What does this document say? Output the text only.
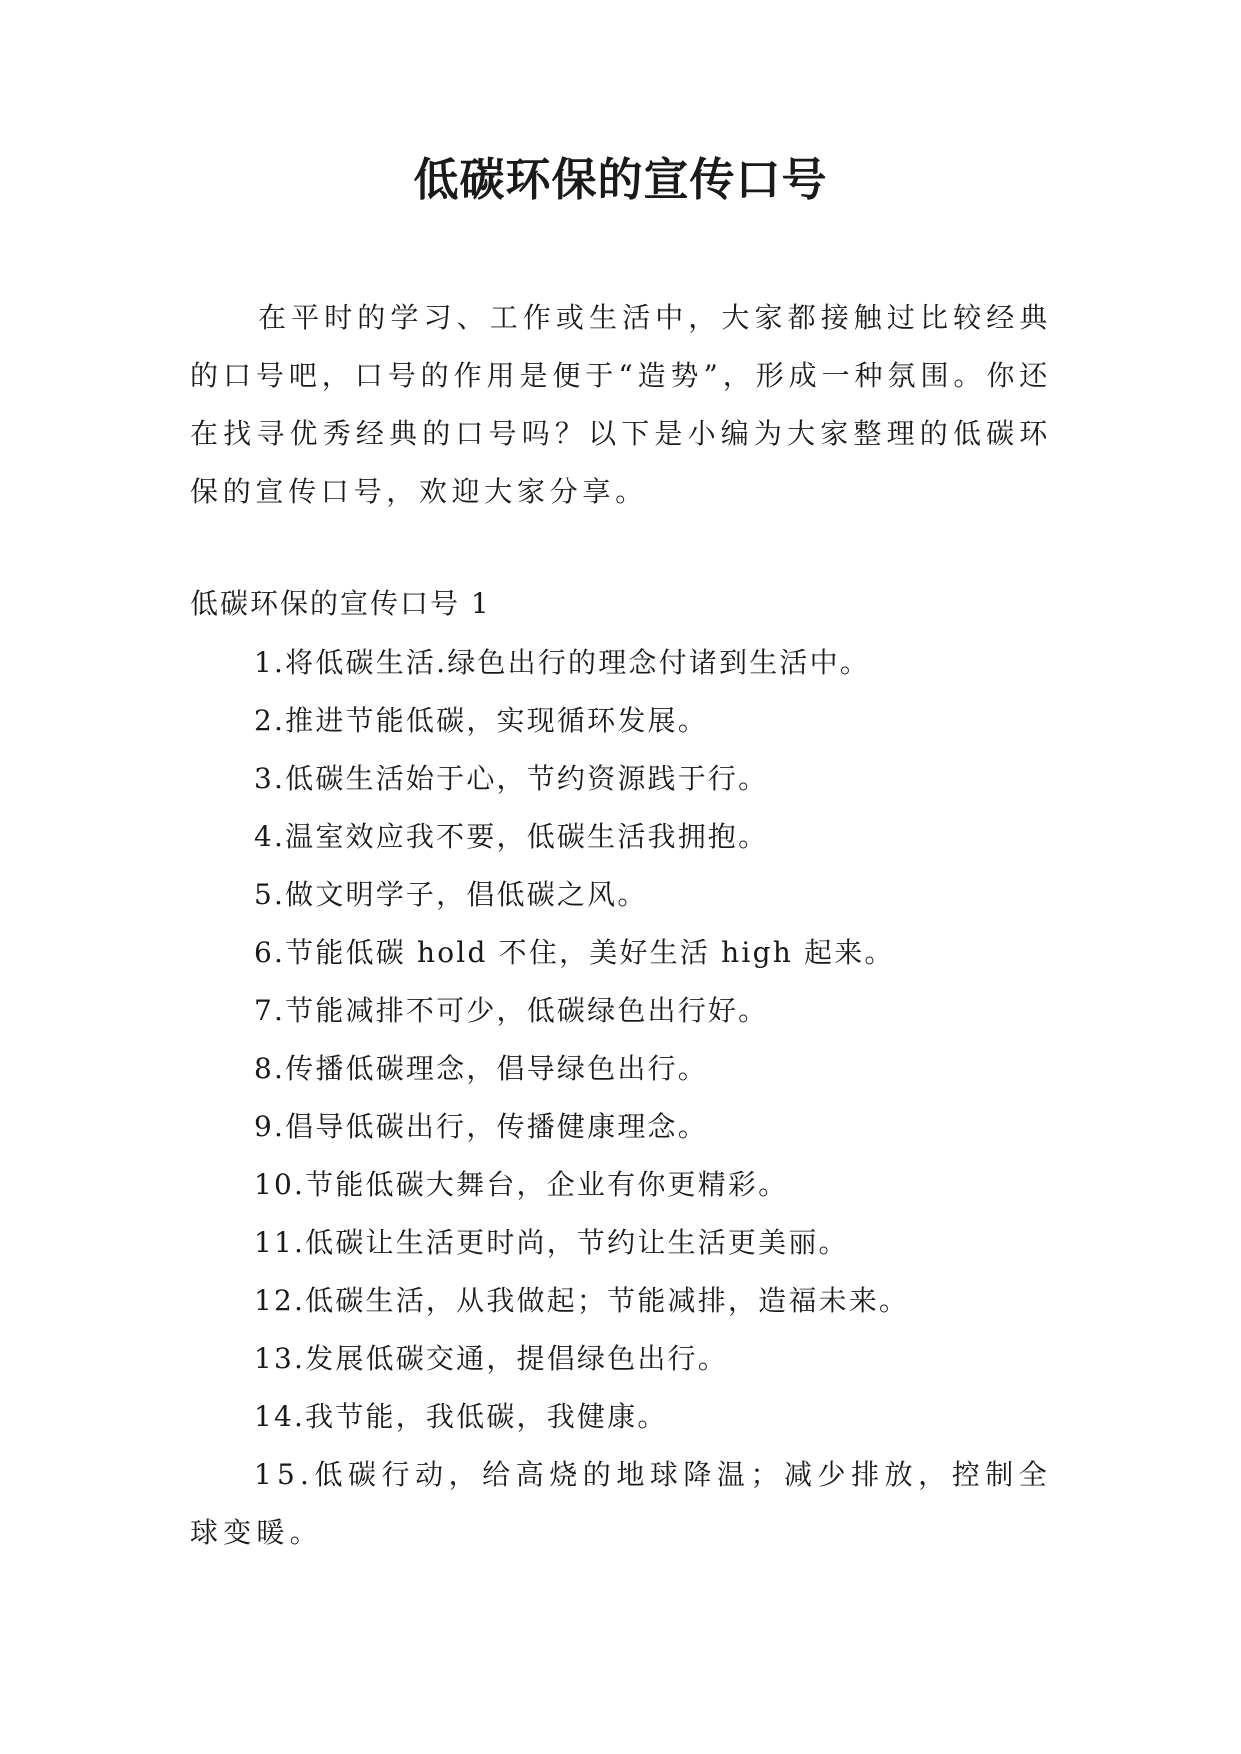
低碳环保的宣传口号

在平时的学习、工作或生活中，大家都接触过比较经典的口号吧，口号的作用是便于“造势”，形成一种氛围。你还在找寻优秀经典的口号吗？以下是小编为大家整理的低碳环保的宣传口号，欢迎大家分享。

低碳环保的宣传口号 1
1.将低碳生活.绿色出行的理念付诸到生活中。
2.推进节能低碳，实现循环发展。
3.低碳生活始于心，节约资源践于行。
4.温室效应我不要，低碳生活我拥抱。
5.做文明学子，倡低碳之风。
6.节能低碳 hold 不住，美好生活 high 起来。
7.节能减排不可少，低碳绿色出行好。
8.传播低碳理念，倡导绿色出行。
9.倡导低碳出行，传播健康理念。
10.节能低碳大舞台，企业有你更精彩。
11.低碳让生活更时尚，节约让生活更美丽。
12.低碳生活，从我做起；节能减排，造福未来。
13.发展低碳交通，提倡绿色出行。
14.我节能，我低碳，我健康。
15.低碳行动，给高烧的地球降温；减少排放，控制全球变暖。
